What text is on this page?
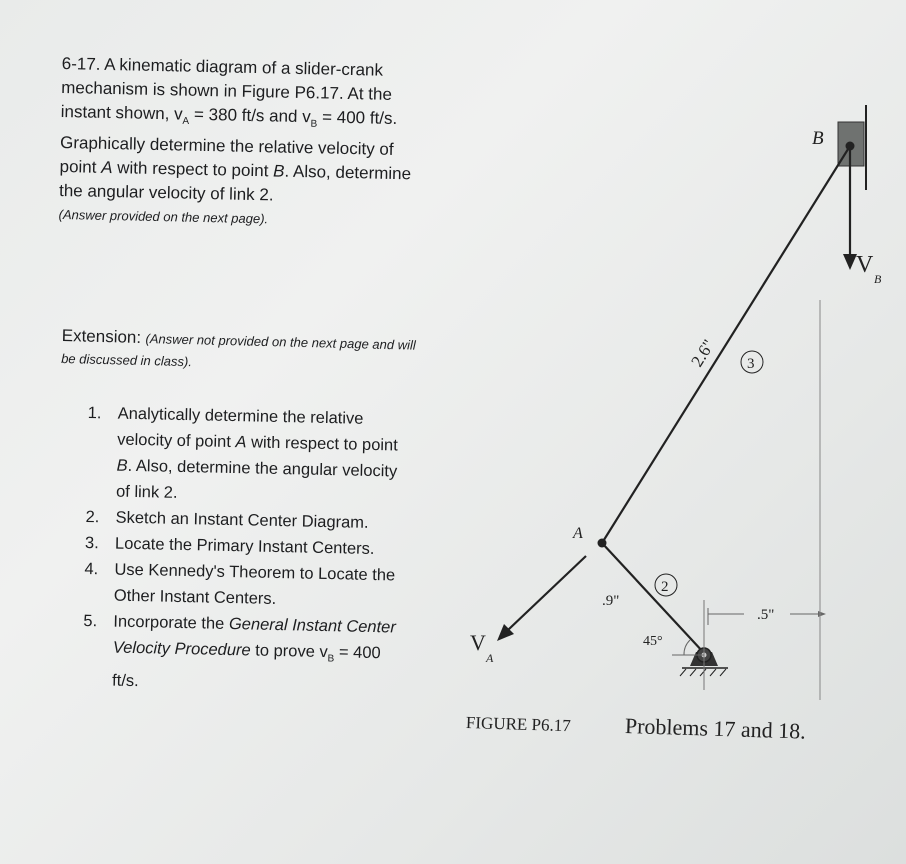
6-17. A kinematic diagram of a slider-crank mechanism is shown in Figure P6.17. At the instant shown, $v_A = 380$ ft/s and $v_B = 400$ ft/s. Graphically determine the relative velocity of point A with respect to point B. Also, determine the angular velocity of link 2.

(Answer provided on the next page).

Extension: (Answer not provided on the next page and will be discussed in class).
1. Analytically determine the relative velocity of point A with respect to point B. Also, determine the angular velocity of link 2.
2. Sketch an Instant Center Diagram.
3. Locate the Primary Instant Centers.
4. Use Kennedy's Theorem to Locate the Other Instant Centers.
5. Incorporate the General Instant Center Velocity Procedure to prove $v_B = 400$ ft/s.
B
A
V
B
V
A
2.6" 3
.9"
2
45°
.5"
FIGURE P6.17 Problems 17 and 18.
